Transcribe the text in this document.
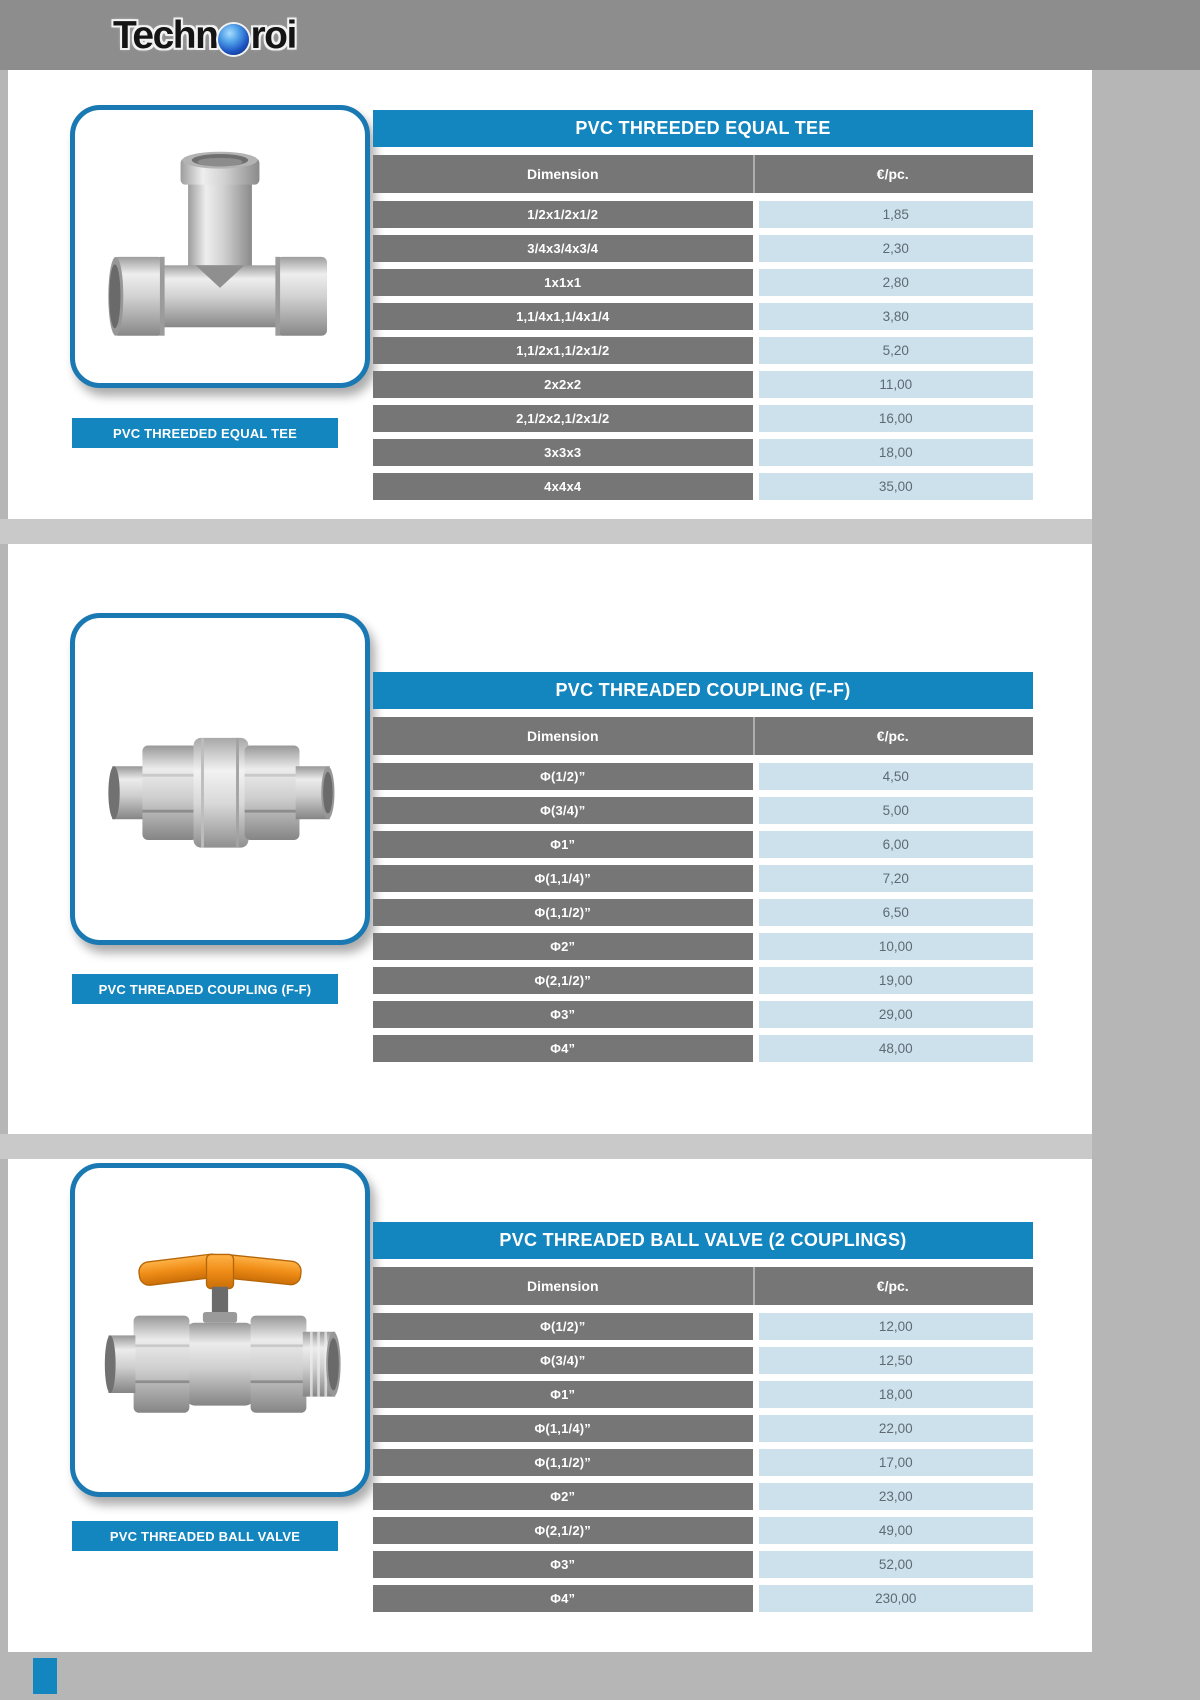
Techn roi
PVC THREEDED EQUAL TEE
PVC THREEDED EQUAL TEE
Dimension	€/pc.
1/2x1/2x1/2	1,85
3/4x3/4x3/4	2,30
1x1x1	2,80
1,1/4x1,1/4x1/4	3,80
1,1/2x1,1/2x1/2	5,20
2x2x2	11,00
2,1/2x2,1/2x1/2	16,00
3x3x3	18,00
4x4x4	35,00
PVC THREADED COUPLING (F-F)
PVC THREADED COUPLING (F-F)
Dimension	€/pc.
Φ(1/2)”	4,50
Φ(3/4)”	5,00
Φ1”	6,00
Φ(1,1/4)”	7,20
Φ(1,1/2)”	6,50
Φ2”	10,00
Φ(2,1/2)”	19,00
Φ3”	29,00
Φ4”	48,00
PVC THREADED BALL VALVE
PVC THREADED BALL VALVE (2 COUPLINGS)
Dimension	€/pc.
Φ(1/2)”	12,00
Φ(3/4)”	12,50
Φ1”	18,00
Φ(1,1/4)”	22,00
Φ(1,1/2)”	17,00
Φ2”	23,00
Φ(2,1/2)”	49,00
Φ3”	52,00
Φ4”	230,00
